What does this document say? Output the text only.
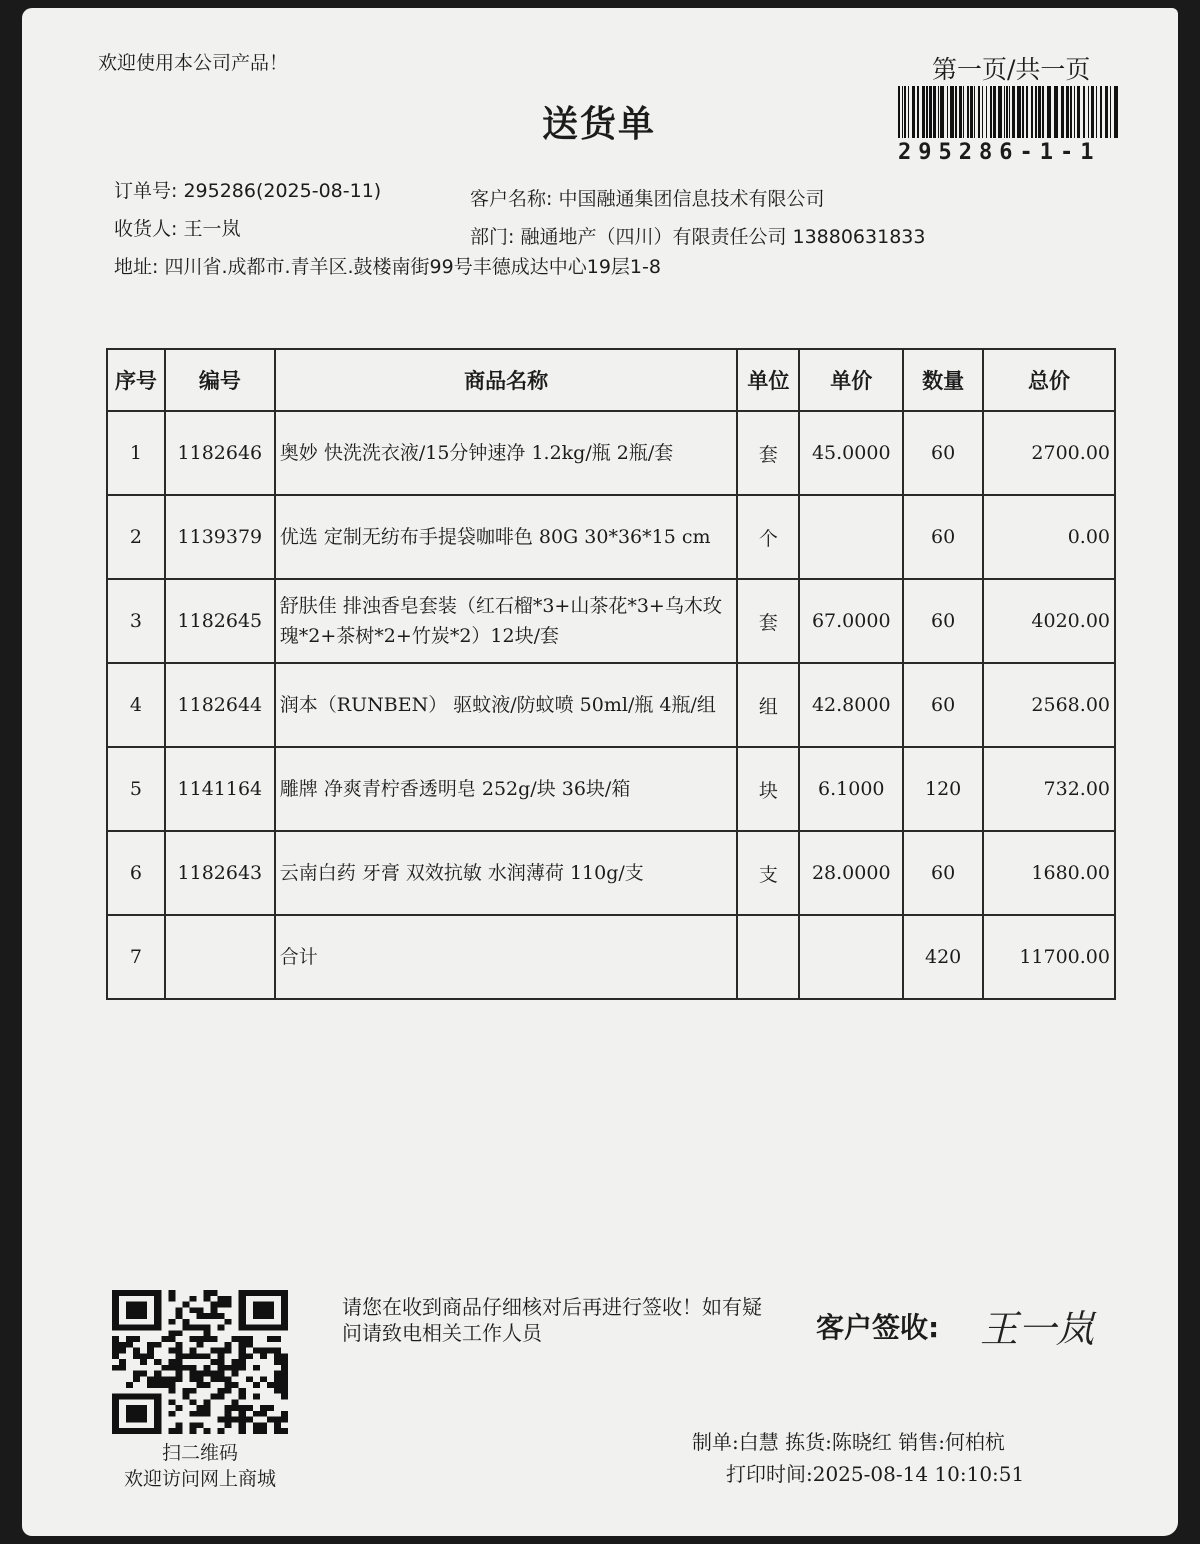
欢迎使用本公司产品！	第一页/共一页
送货单
295286-1-1
订单号: 295286(2025-08-11)	客户名称: 中国融通集团信息技术有限公司
收货人: 王一岚	部门: 融通地产（四川）有限责任公司 13880631833
地址: 四川省.成都市.青羊区.鼓楼南街99号丰德成达中心19层1-8
序号	编号	商品名称	单位	单价	数量	总价
1	1182646	奥妙 快洗洗衣液/15分钟速净 1.2kg/瓶 2瓶/套	套	45.0000	60	2700.00
2	1139379	优选 定制无纺布手提袋咖啡色 80G 30*36*15 cm	个		60	0.00
3	1182645	舒肤佳 排浊香皂套装（红石榴*3+山茶花*3+乌木玫瑰*2+茶树*2+竹炭*2）12块/套	套	67.0000	60	4020.00
4	1182644	润本（RUNBEN） 驱蚊液/防蚊喷 50ml/瓶 4瓶/组	组	42.8000	60	2568.00
5	1141164	雕牌 净爽青柠香透明皂 252g/块 36块/箱	块	6.1000	120	732.00
6	1182643	云南白药 牙膏 双效抗敏 水润薄荷 110g/支	支	28.0000	60	1680.00
7		合计			420	11700.00
扫二维码
欢迎访问网上商城
请您在收到商品仔细核对后再进行签收！如有疑问请致电相关工作人员	客户签收: 王一岚
制单:白慧 拣货:陈晓红 销售:何柏杭
打印时间:2025-08-14 10:10:51
